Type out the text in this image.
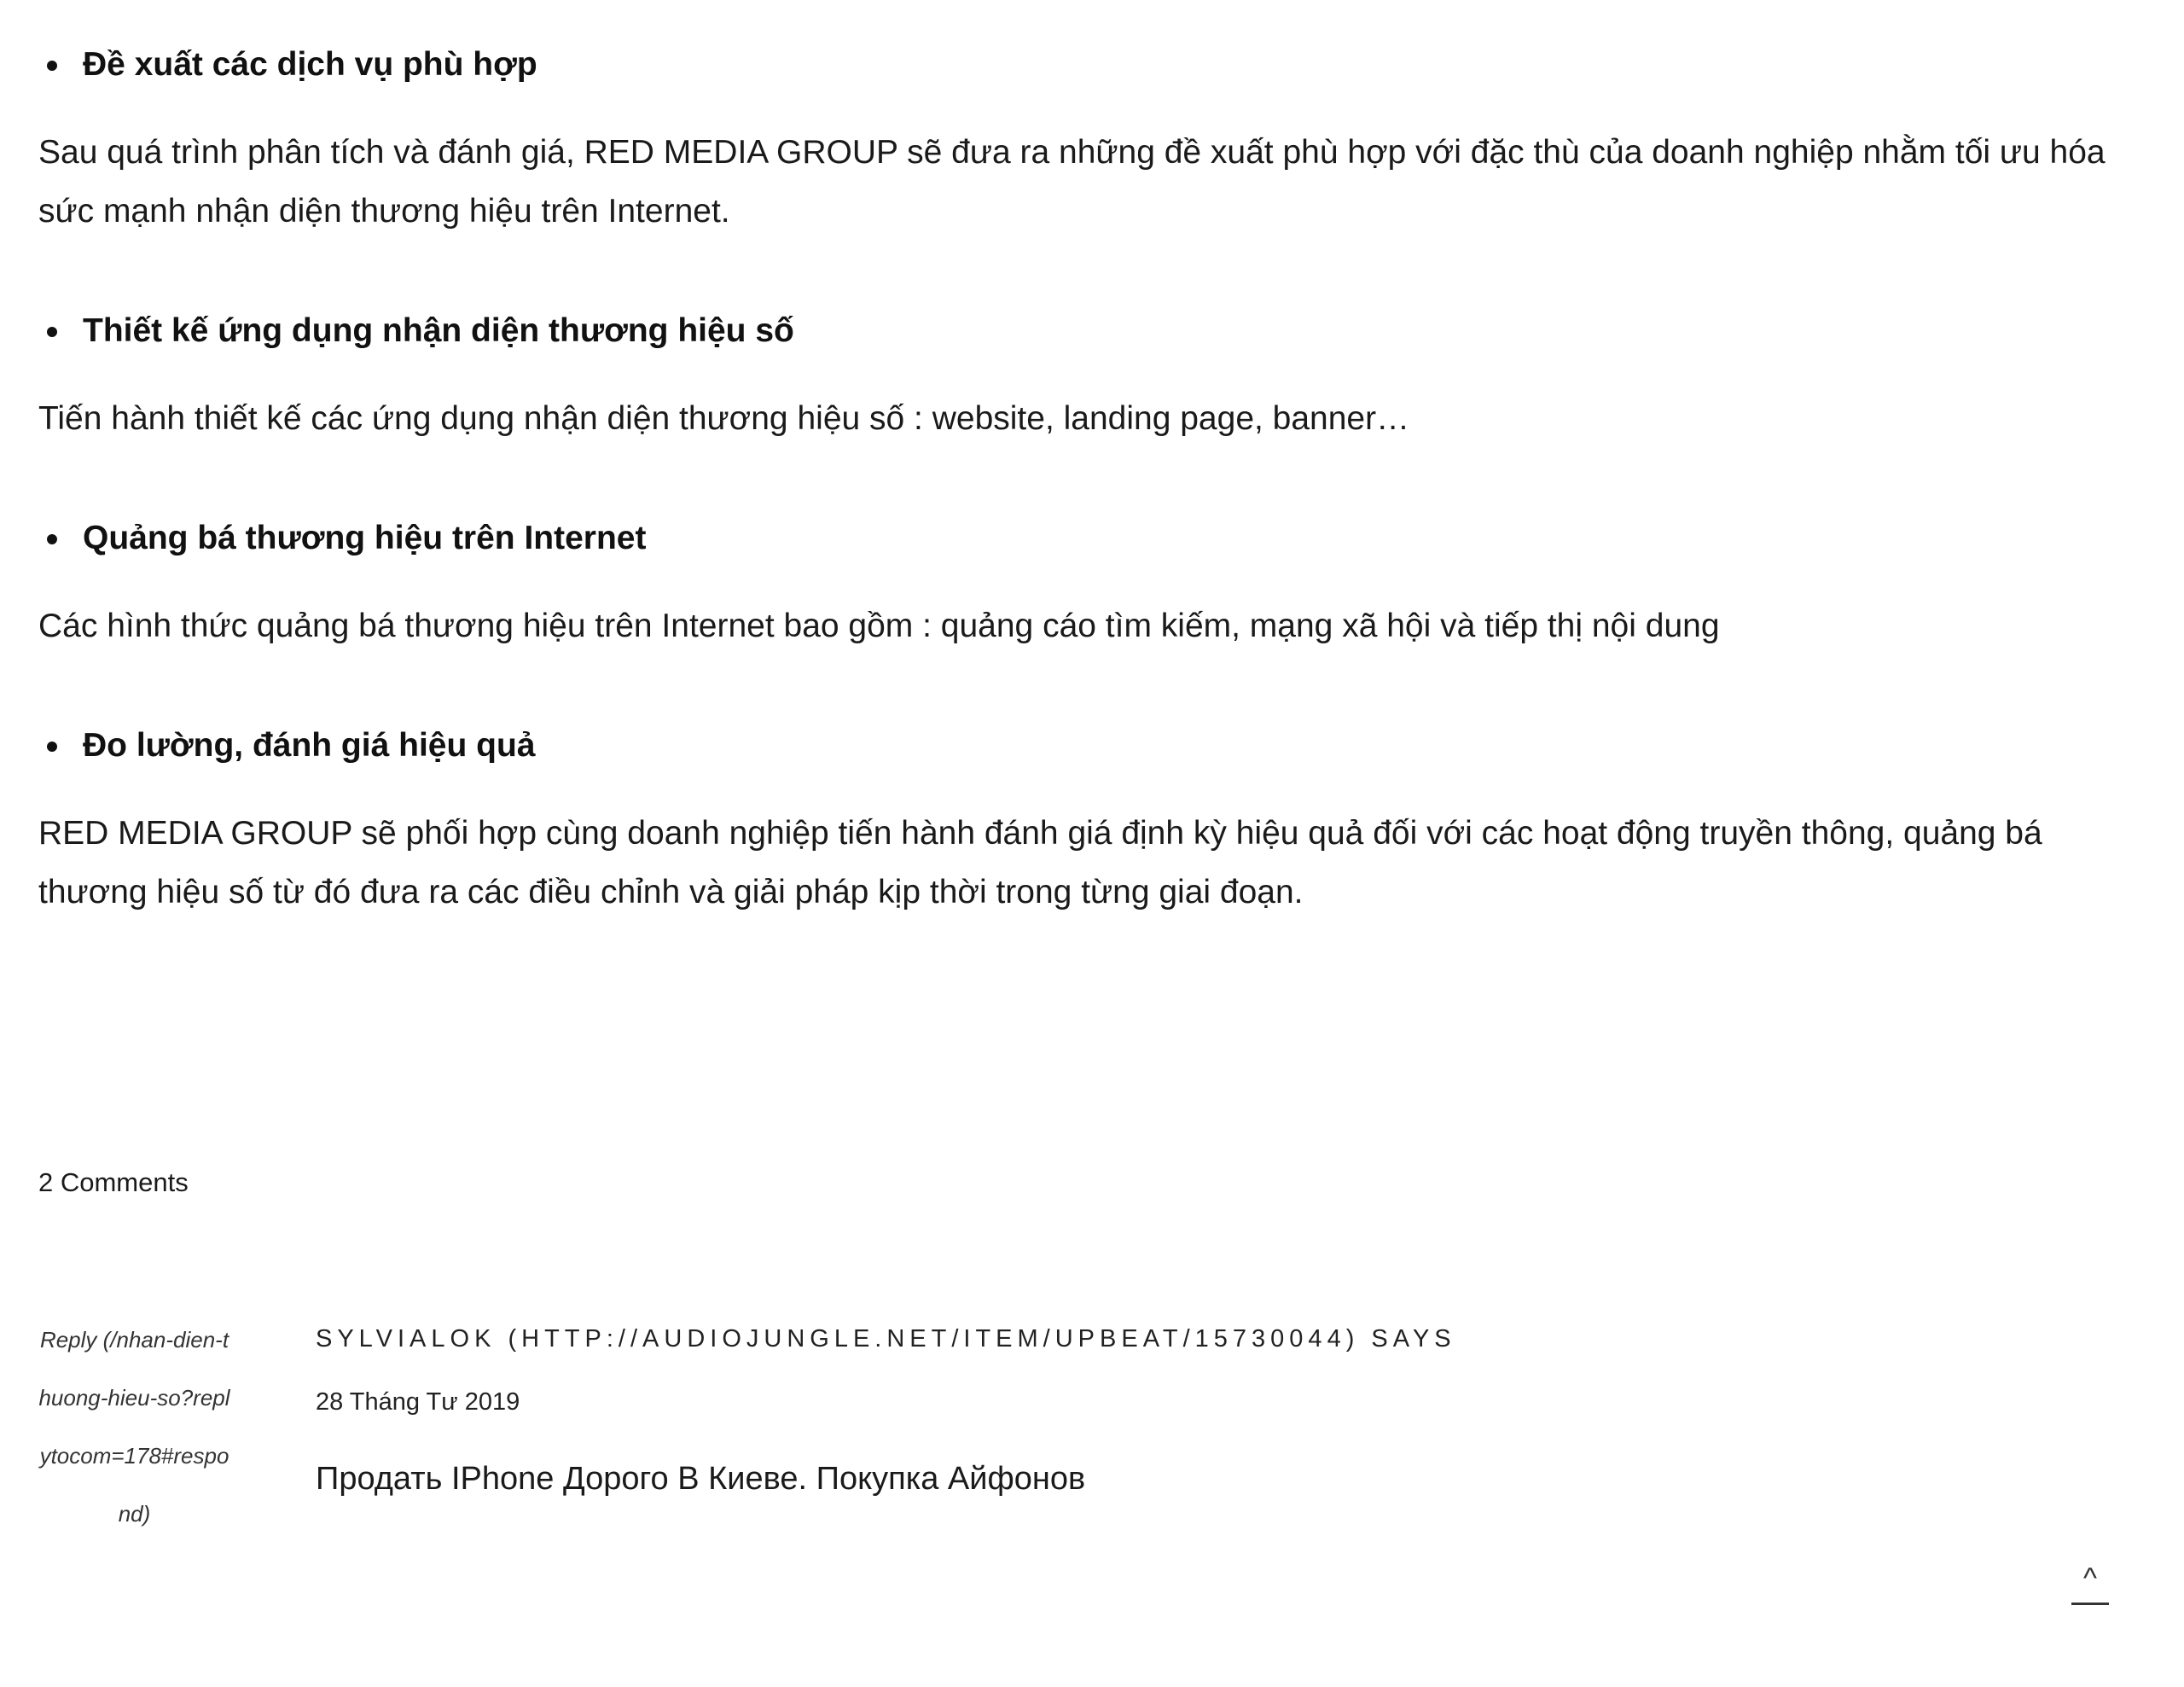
Đề xuất các dịch vụ phù hợp

Sau quá trình phân tích và đánh giá, RED MEDIA GROUP sẽ đưa ra những đề xuất phù hợp với đặc thù của doanh nghiệp nhằm tối ưu hóa sức mạnh nhận diện thương hiệu trên Internet.

Thiết kế ứng dụng nhận diện thương hiệu số

Tiến hành thiết kế các ứng dụng nhận diện thương hiệu số : website, landing page, banner…

Quảng bá thương hiệu trên Internet

Các hình thức quảng bá thương hiệu trên Internet bao gồm : quảng cáo tìm kiếm, mạng xã hội và tiếp thị nội dung

Đo lường, đánh giá hiệu quả

RED MEDIA GROUP sẽ phối hợp cùng doanh nghiệp tiến hành đánh giá định kỳ hiệu quả đối với các hoạt động truyền thông, quảng bá thương hiệu số từ đó đưa ra các điều chỉnh và giải pháp kịp thời trong từng giai đoạn.

2 Comments
Reply (/nhan-dien-thuong-hieu-so?replytocom=178#respond)
SYLVIALOK (HTTP://AUDIOJUNGLE.NET/ITEM/UPBEAT/15730044) SAYS
28 Tháng Tư 2019
Продать IPhone Дорого В Киеве. Покупка Айфонов
^
